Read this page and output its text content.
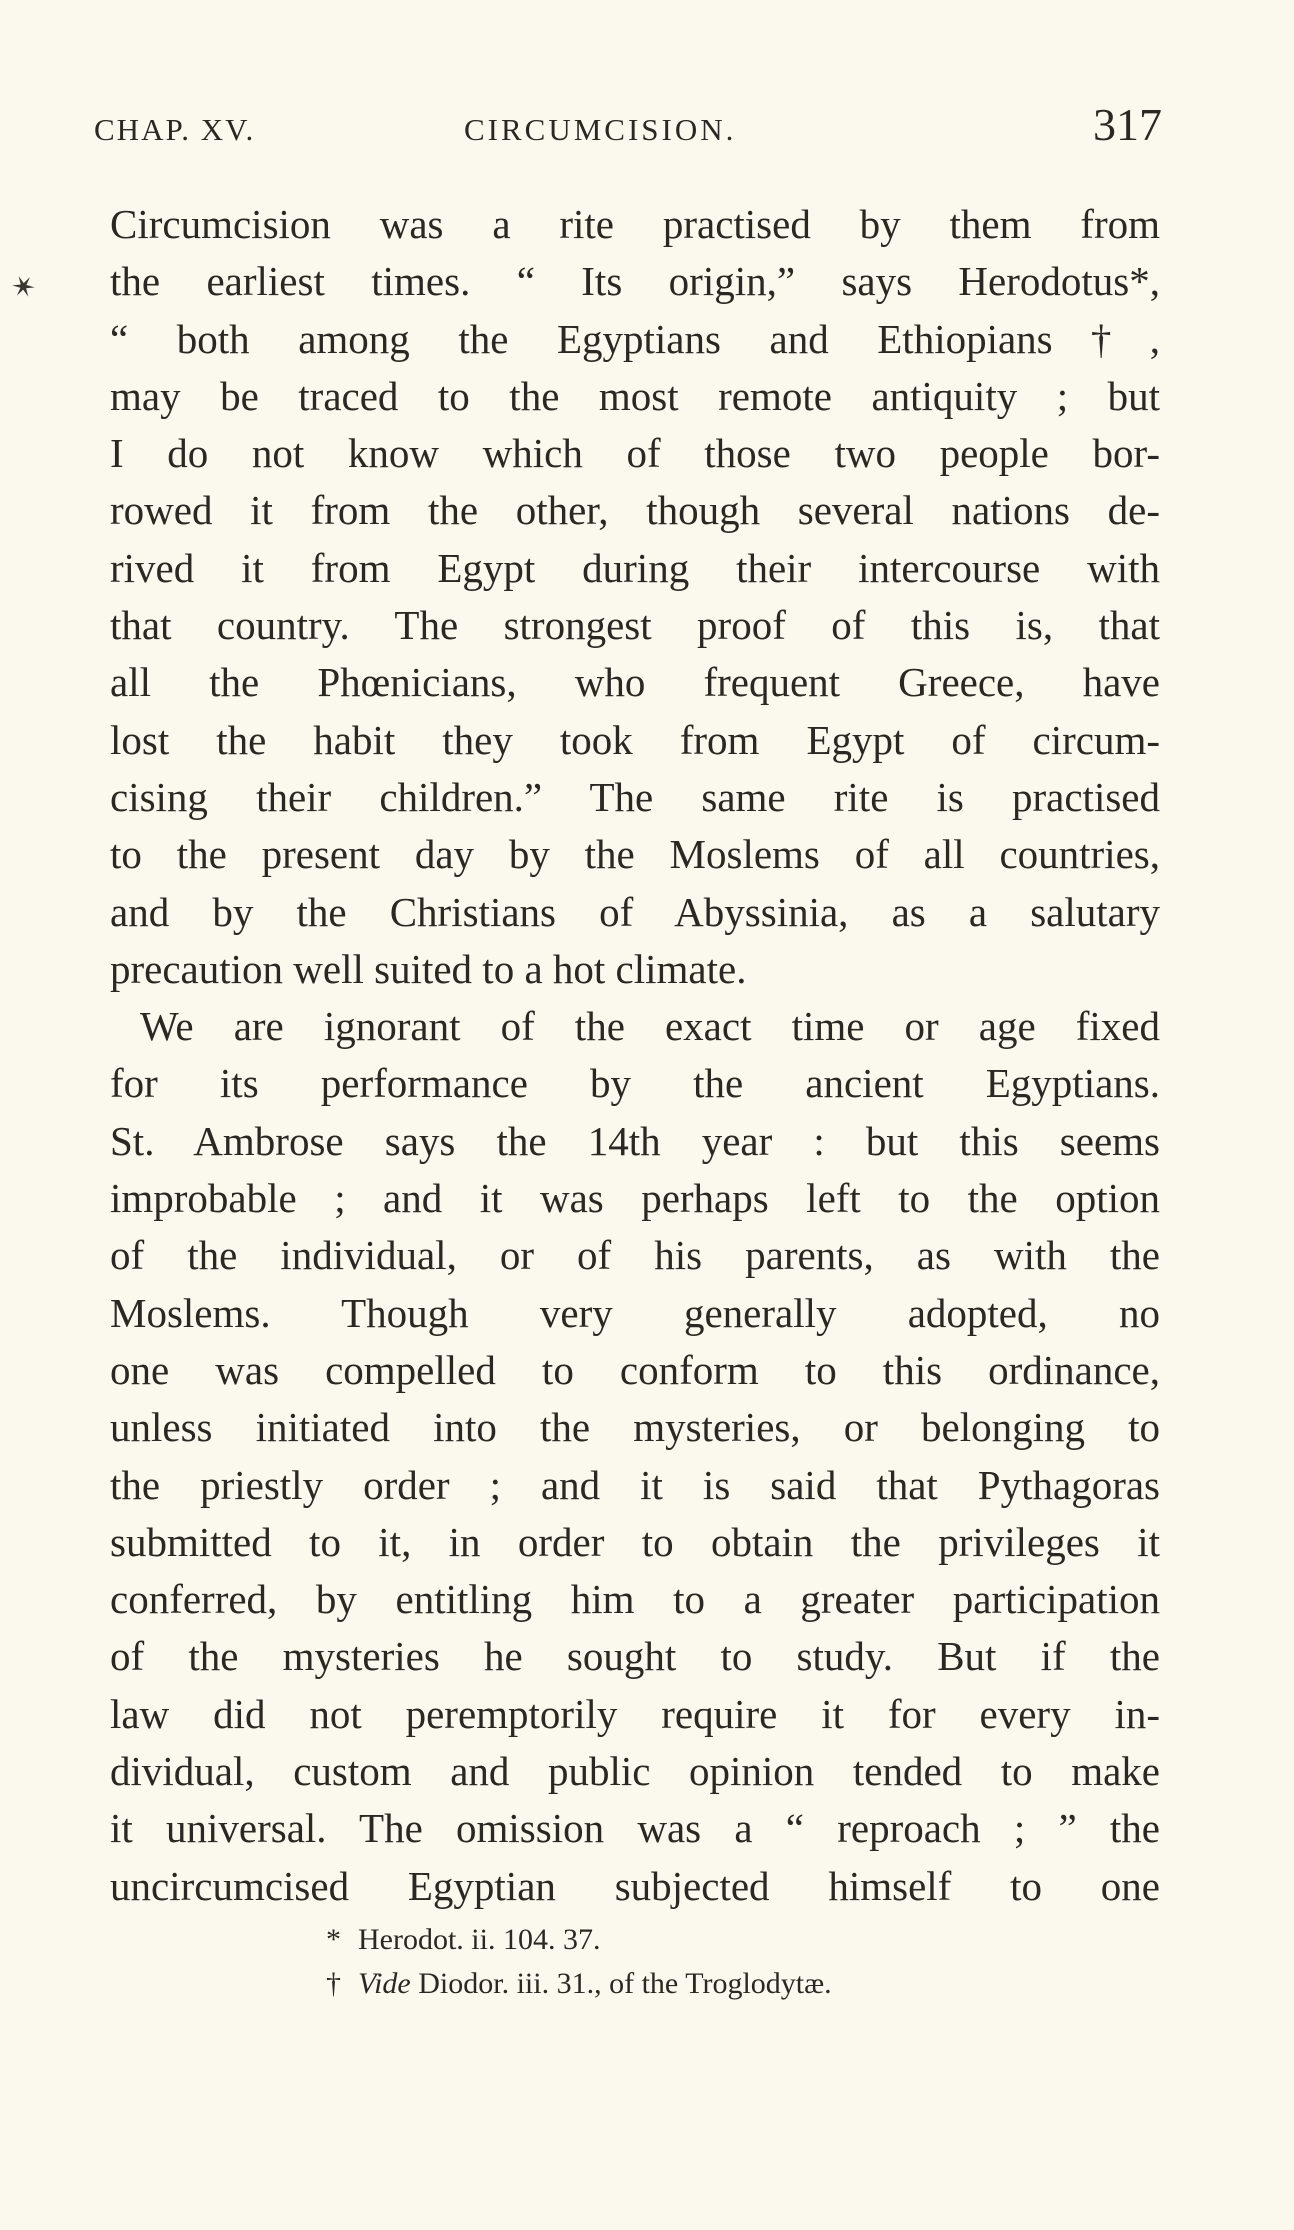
CHAP. XV.	CIRCUMCISION.	317
✶
Circumcision was a rite practised by them from
the earliest times. “ Its origin,” says Herodotus*,
“ both among the Egyptians and Ethiopians†,
may be traced to the most remote antiquity ; but
I do not know which of those two people bor-
rowed it from the other, though several nations de-
rived it from Egypt during their intercourse with
that country. The strongest proof of this is, that
all the Phœnicians, who frequent Greece, have
lost the habit they took from Egypt of circum-
cising their children.” The same rite is practised
to the present day by the Moslems of all countries,
and by the Christians of Abyssinia, as a salutary
precaution well suited to a hot climate.
We are ignorant of the exact time or age fixed
for its performance by the ancient Egyptians.
St. Ambrose says the 14th year : but this seems
improbable ; and it was perhaps left to the option
of the individual, or of his parents, as with the
Moslems. Though very generally adopted, no
one was compelled to conform to this ordinance,
unless initiated into the mysteries, or belonging to
the priestly order ; and it is said that Pythagoras
submitted to it, in order to obtain the privileges it
conferred, by entitling him to a greater participation
of the mysteries he sought to study. But if the
law did not peremptorily require it for every in-
dividual, custom and public opinion tended to make
it universal. The omission was a “ reproach ; ” the
uncircumcised Egyptian subjected himself to one
* Herodot. ii. 104. 37.
† Vide Diodor. iii. 31., of the Troglodytæ.
